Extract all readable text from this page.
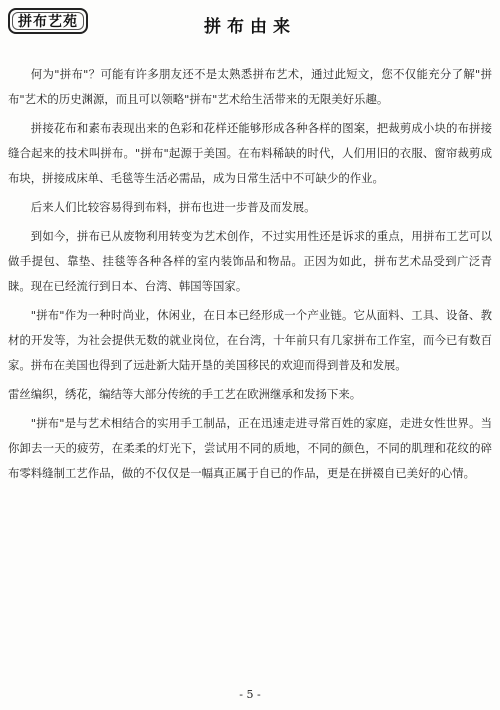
拼布艺苑	拼布由来

何为"拼布"？可能有许多朋友还不是太熟悉拼布艺术，通过此短文，您不仅能充分了解"拼布"艺术的历史渊源，而且可以领略"拼布"艺术给生活带来的无限美好乐趣。

拼接花布和素布表现出来的色彩和花样还能够形成各种各样的图案，把裁剪成小块的布拼接缝合起来的技术叫拼布。"拼布"起源于美国。在布料稀缺的时代，人们用旧的衣服、窗帘裁剪成布块，拼接成床单、毛毯等生活必需品，成为日常生活中不可缺少的作业。

后来人们比较容易得到布料，拼布也进一步普及而发展。

到如今，拼布已从废物利用转变为艺术创作，不过实用性还是诉求的重点，用拼布工艺可以做手提包、靠垫、挂毯等各种各样的室内装饰品和物品。正因为如此，拼布艺术品受到广泛青睐。现在已经流行到日本、台湾、韩国等国家。

"拼布"作为一种时尚业，休闲业，在日本已经形成一个产业链。它从面料、工具、设备、教材的开发等，为社会提供无数的就业岗位，在台湾，十年前只有几家拼布工作室，而今已有数百家。拼布在美国也得到了远赴新大陆开垦的美国移民的欢迎而得到普及和发展。

雷丝编织，绣花，编结等大部分传统的手工艺在欧洲继承和发扬下来。

"拼布"是与艺术相结合的实用手工制品，正在迅速走进寻常百姓的家庭，走进女性世界。当你卸去一天的疲劳，在柔柔的灯光下，尝试用不同的质地，不同的颜色，不同的肌理和花纹的碎布零料缝制工艺作品，做的不仅仅是一幅真正属于自已的作品，更是在拼裰自已美好的心情。

- 5 -
